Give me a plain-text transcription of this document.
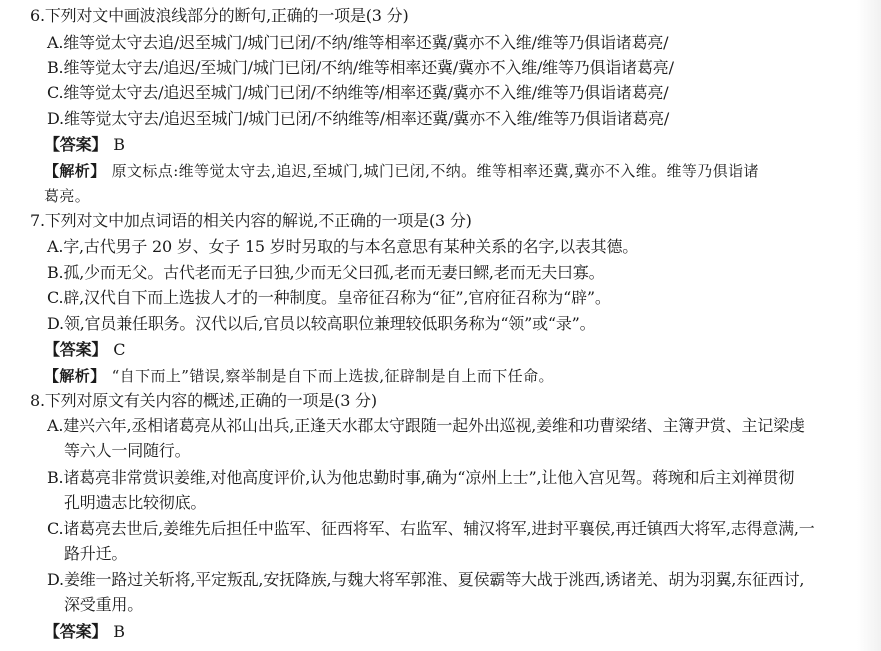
6.下列对文中画波浪线部分的断句,正确的一项是(3 分)
A.维等觉太守去追/迟至城门/城门已闭/不纳/维等相率还冀/冀亦不入维/维等乃俱诣诸葛亮/
B.维等觉太守去/追迟/至城门/城门已闭/不纳/维等相率还冀/冀亦不入维/维等乃俱诣诸葛亮/
C.维等觉太守去/追迟至城门/城门已闭/不纳维等/相率还冀/冀亦不入维/维等乃俱诣诸葛亮/
D.维等觉太守去/追迟至城门/城门已闭/不纳维等/相率还冀/冀亦不入维/维等乃俱诣诸葛亮/
【答案】 B
【解析】 原文标点:维等觉太守去,追迟,至城门,城门已闭,不纳。维等相率还冀,冀亦不入维。维等乃俱诣诸
葛亮。
7.下列对文中加点词语的相关内容的解说,不正确的一项是(3 分)
A.字,古代男子 20 岁、女子 15 岁时另取的与本名意思有某种关系的名字,以表其德。
B.孤,少而无父。古代老而无子曰独,少而无父曰孤,老而无妻曰鳏,老而无夫曰寡。
C.辟,汉代自下而上选拔人才的一种制度。皇帝征召称为“征”,官府征召称为“辟”。
D.领,官员兼任职务。汉代以后,官员以较高职位兼理较低职务称为“领”或“录”。
【答案】 C
【解析】 “自下而上”错误,察举制是自下而上选拔,征辟制是自上而下任命。
8.下列对原文有关内容的概述,正确的一项是(3 分)
A.建兴六年,丞相诸葛亮从祁山出兵,正逢天水郡太守跟随一起外出巡视,姜维和功曹梁绪、主簿尹赏、主记梁虔
等六人一同随行。
B.诸葛亮非常赏识姜维,对他高度评价,认为他忠勤时事,确为“凉州上士”,让他入宫见驾。蒋琬和后主刘禅贯彻
孔明遗志比较彻底。
C.诸葛亮去世后,姜维先后担任中监军、征西将军、右监军、辅汉将军,进封平襄侯,再迁镇西大将军,志得意满,一
路升迁。
D.姜维一路过关斩将,平定叛乱,安抚降族,与魏大将军郭淮、夏侯霸等大战于洮西,诱诸羌、胡为羽翼,东征西讨,
深受重用。
【答案】 B
